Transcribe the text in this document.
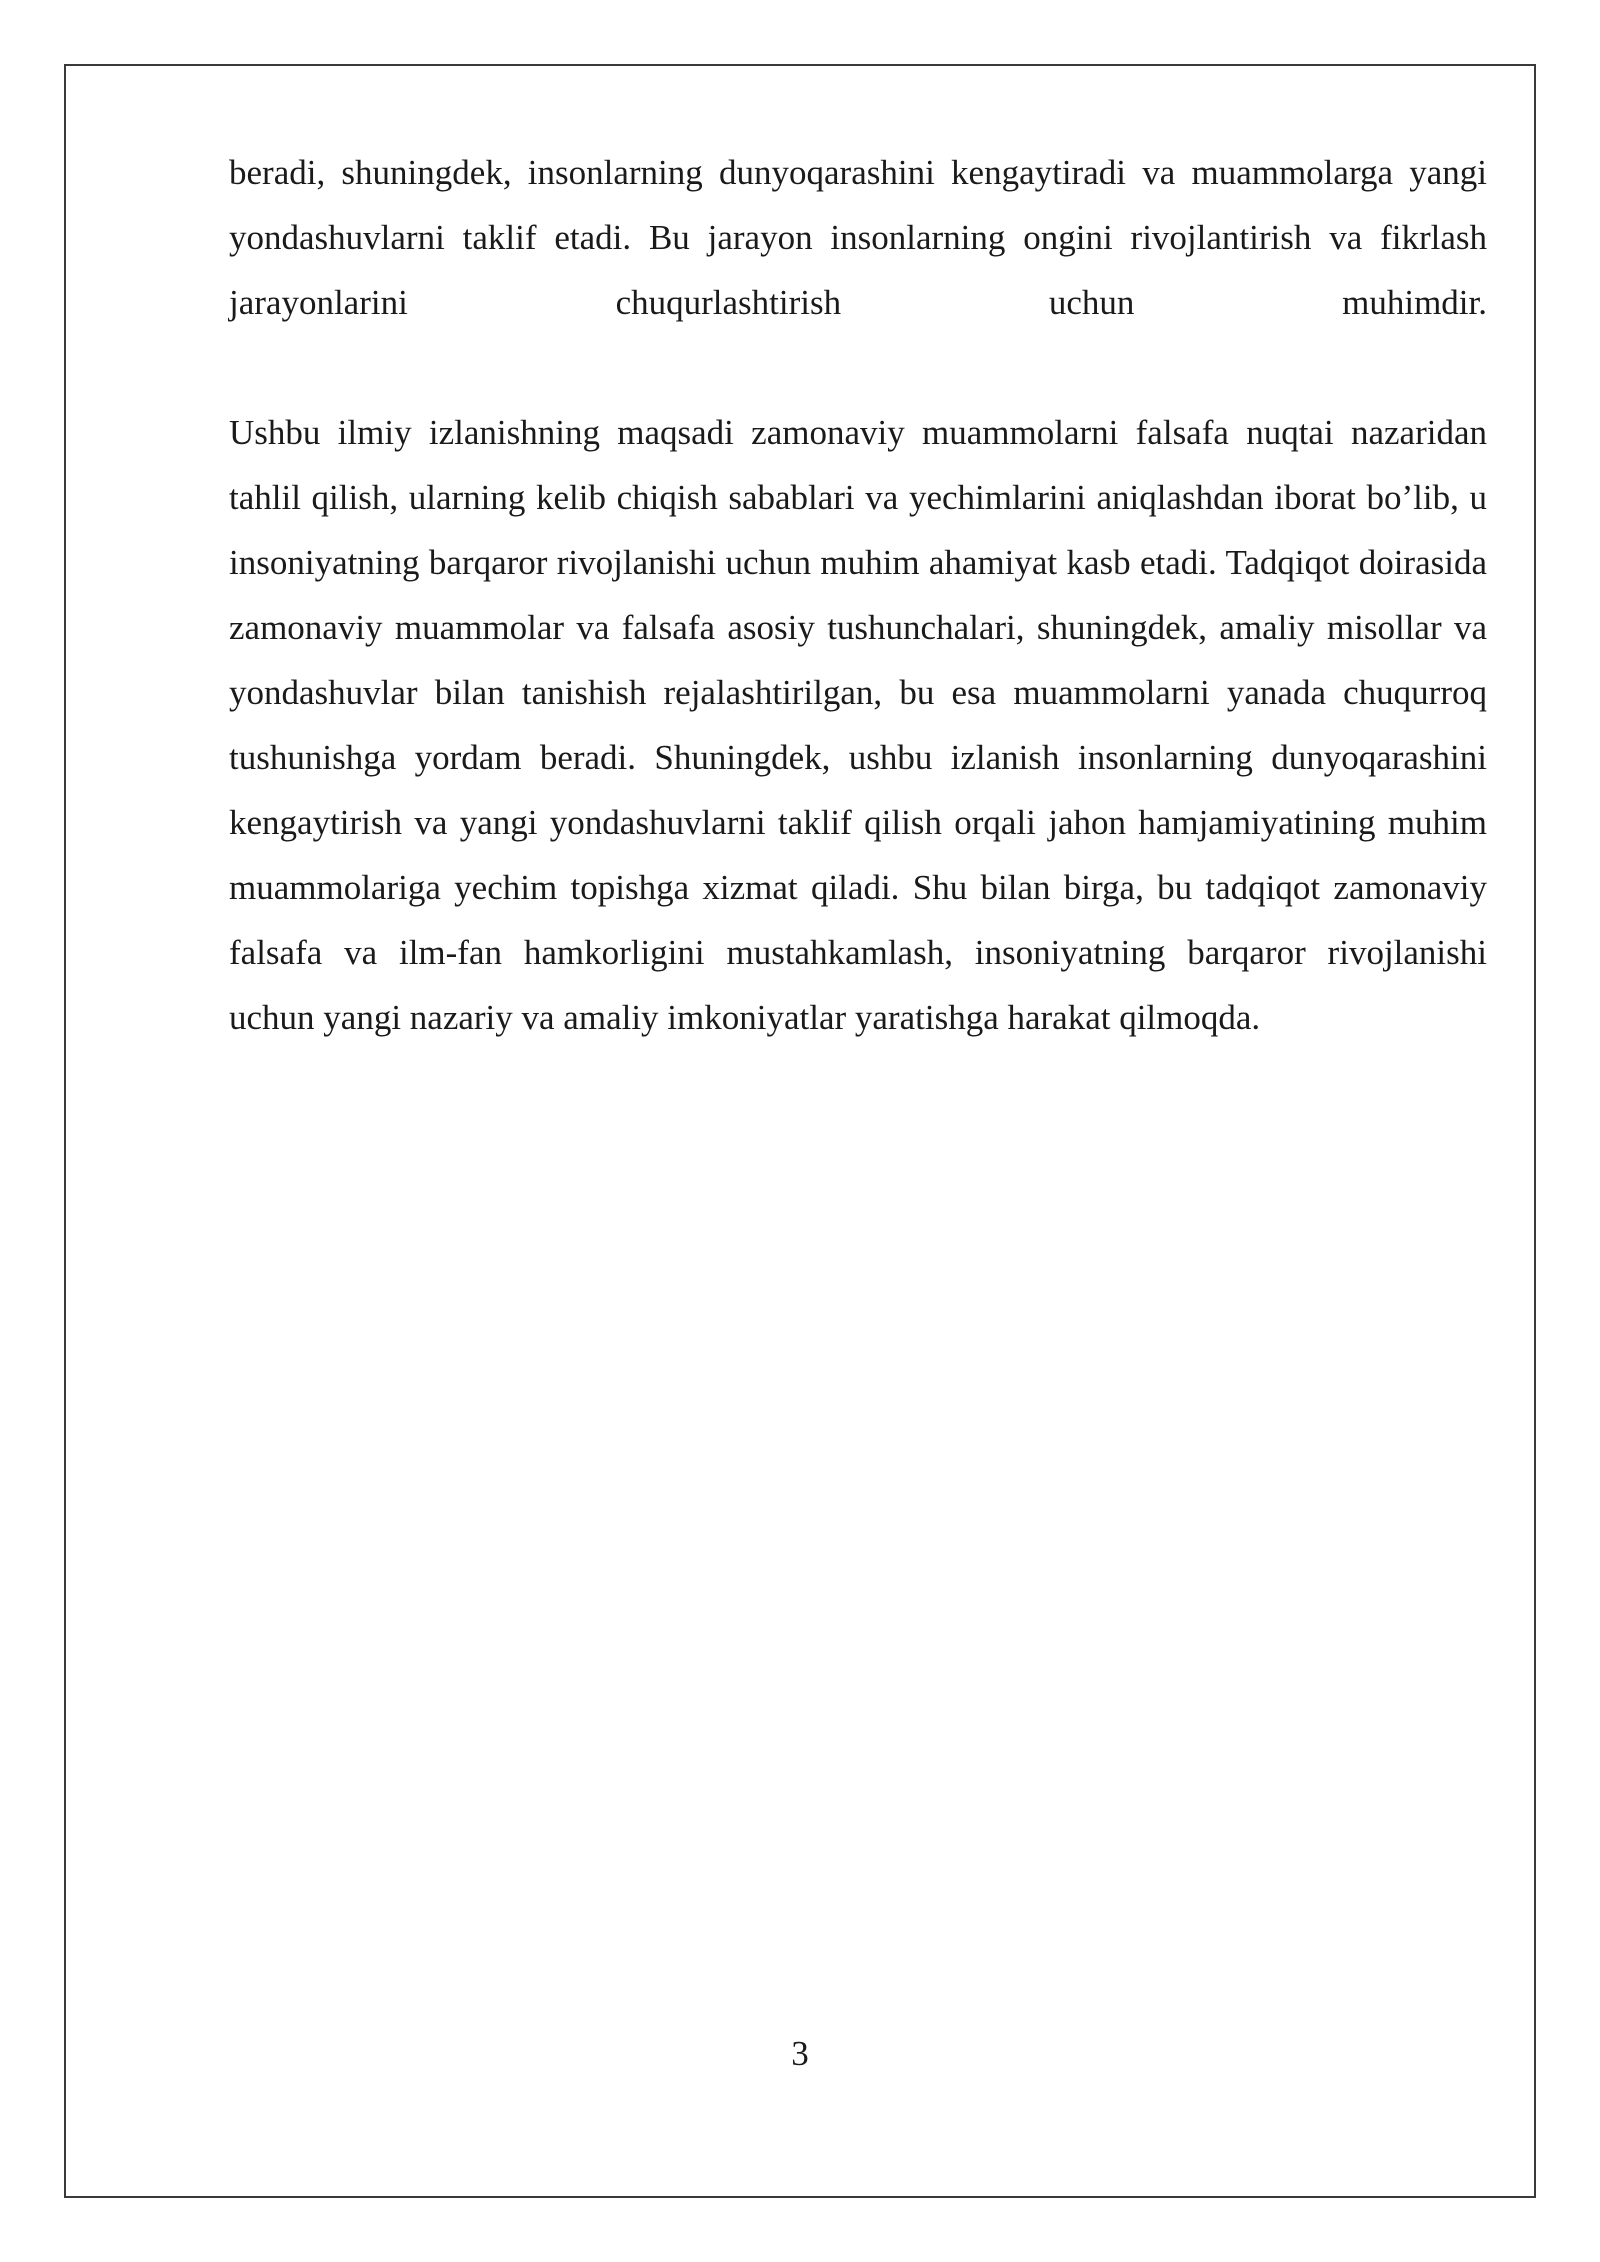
beradi, shuningdek, insonlarning dunyoqarashini kengaytiradi va muammolarga yangi yondashuvlarni taklif etadi. Bu jarayon insonlarning ongini rivojlantirish va fikrlash jarayonlarini chuqurlashtirish uchun muhimdir.

Ushbu ilmiy izlanishning maqsadi zamonaviy muammolarni falsafa nuqtai nazaridan tahlil qilish, ularning kelib chiqish sabablari va yechimlarini aniqlashdan iborat bo’lib, u insoniyatning barqaror rivojlanishi uchun muhim ahamiyat kasb etadi. Tadqiqot doirasida zamonaviy muammolar va falsafa asosiy tushunchalari, shuningdek, amaliy misollar va yondashuvlar bilan tanishish rejalashtirilgan, bu esa muammolarni yanada chuqurroq tushunishga yordam beradi. Shuningdek, ushbu izlanish insonlarning dunyoqarashini kengaytirish va yangi yondashuvlarni taklif qilish orqali jahon hamjamiyatining muhim muammolariga yechim topishga xizmat qiladi. Shu bilan birga, bu tadqiqot zamonaviy falsafa va ilm-fan hamkorligini mustahkamlash, insoniyatning barqaror rivojlanishi uchun yangi nazariy va amaliy imkoniyatlar yaratishga harakat qilmoqda.

3
